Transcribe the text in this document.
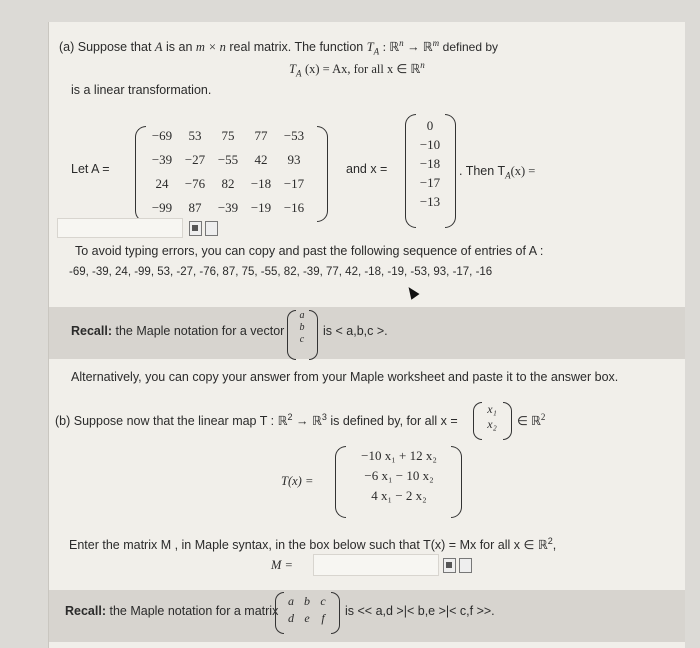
(a) Suppose that A is an m × n real matrix. The function $T_A$ : ℝ$^n$ → ℝ$^m$ defined by
$T_A$ (x) = Ax, for all x ∈ ℝ$^n$
is a linear transformation.
Let A =
−69	53	75	77	−53
−39 −27 −55	42	93
24	−76	82	−18 −17
−99	87	−39 −19 −16
and x =
0
−10
−18
−17
−13
. Then $T_A(x)$ =
To avoid typing errors, you can copy and past the following sequence of entries of A :
-69, -39, 24, -99, 53, -27, -76, 87, 75, -55, 82, -39, 77, 42, -18, -19, -53, 93, -17, -16
Recall: the Maple notation for a vector
a
b
c
is < a,b,c >.
Alternatively, you can copy your answer from your Maple worksheet and paste it to the answer box.
(b) Suppose now that the linear map T : ℝ$^2$ → ℝ$^3$ is defined by, for all x =
x₁
x₂	∈ ℝ$^2$
T(x) =
−10 x₁ + 12 x₂
−6 x₁ − 10 x₂
4 x₁ − 2 x₂
Enter the matrix M , in Maple syntax, in the box below such that T(x) = Mx for all x ∈ ℝ$^2$,
M =
Recall: the Maple notation for a matrix
a b c
d e f	is << a,d >|< b,e >|< c,f >>.
